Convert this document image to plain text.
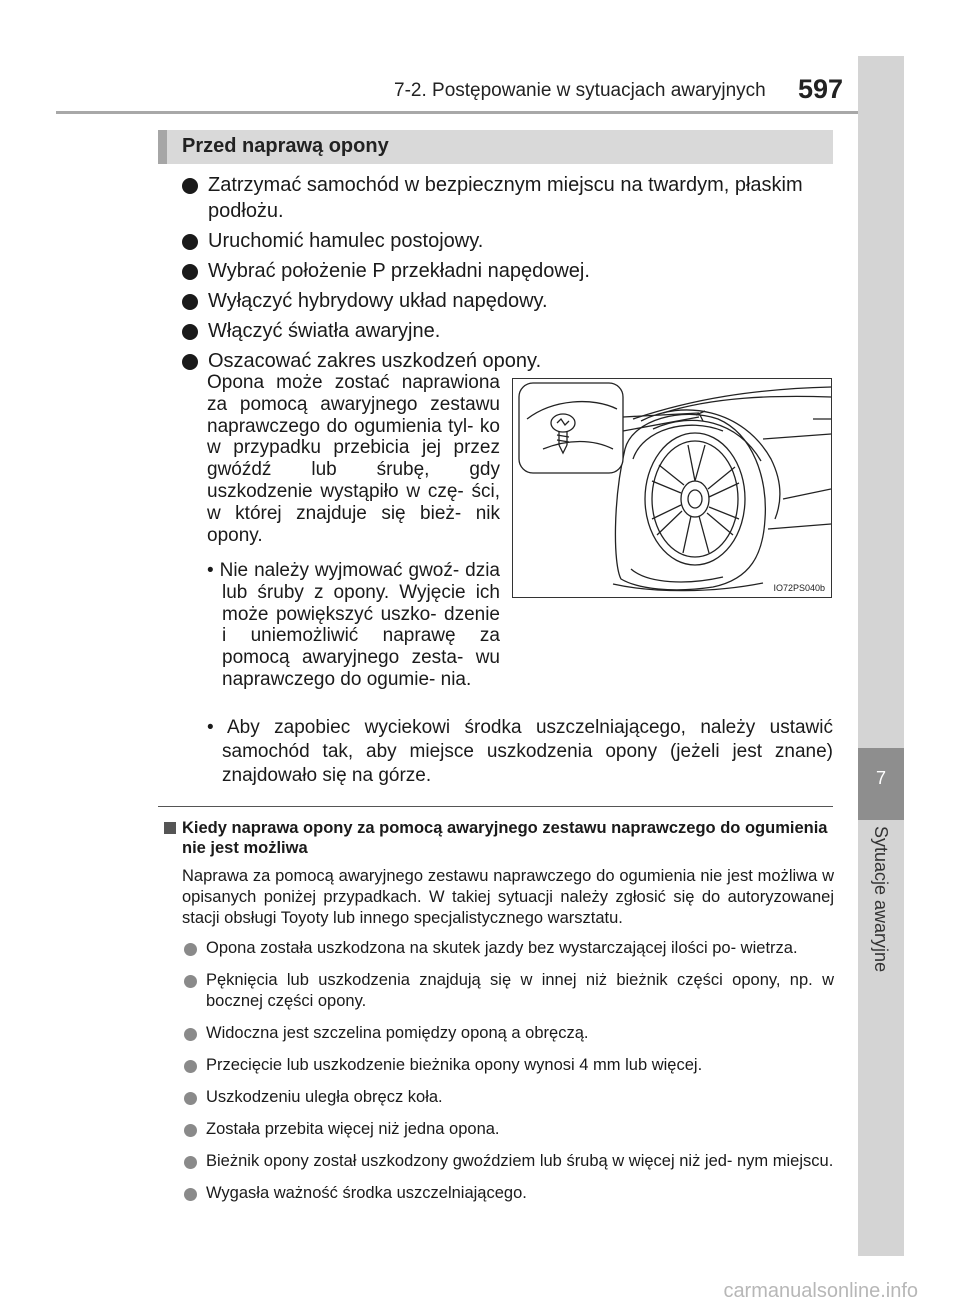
7-2. Postępowanie w sytuacjach awaryjnych 597
7
Sytuacje awaryjne
Przed naprawą opony
Zatrzymać samochód w bezpiecznym miejscu na twardym, płaskim podłożu.
Uruchomić hamulec postojowy.
Wybrać położenie P przekładni napędowej.
Wyłączyć hybrydowy układ napędowy.
Włączyć światła awaryjne.
Oszacować zakres uszkodzeń opony.
Opona może zostać naprawiona za pomocą awaryjnego zestawu naprawczego do ogumienia tyl- ko w przypadku przebicia jej przez gwóźdź lub śrubę, gdy uszkodzenie wystąpiło w czę- ści, w której znajduje się bież- nik opony.
• Nie należy wyjmować gwoź- dzia lub śruby z opony. Wyjęcie ich może powiększyć uszko- dzenie i uniemożliwić naprawę za pomocą awaryjnego zesta- wu naprawczego do ogumie- nia.
• Aby zapobiec wyciekowi środka uszczelniającego, należy ustawić samochód tak, aby miejsce uszkodzenia opony (jeżeli jest znane) znajdowało się na górze.
IO72PS040b
Kiedy naprawa opony za pomocą awaryjnego zestawu naprawczego do ogumienia nie jest możliwa
Naprawa za pomocą awaryjnego zestawu naprawczego do ogumienia nie jest możliwa w opisanych poniżej przypadkach. W takiej sytuacji należy zgłosić się do autoryzowanej stacji obsługi Toyoty lub innego specjalistycznego warsztatu.
Opona została uszkodzona na skutek jazdy bez wystarczającej ilości po- wietrza.
Pęknięcia lub uszkodzenia znajdują się w innej niż bieżnik części opony, np. w bocznej części opony.
Widoczna jest szczelina pomiędzy oponą a obręczą.
Przecięcie lub uszkodzenie bieżnika opony wynosi 4 mm lub więcej.
Uszkodzeniu uległa obręcz koła.
Została przebita więcej niż jedna opona.
Bieżnik opony został uszkodzony gwoździem lub śrubą w więcej niż jed- nym miejscu.
Wygasła ważność środka uszczelniającego.
carmanualsonline.info
